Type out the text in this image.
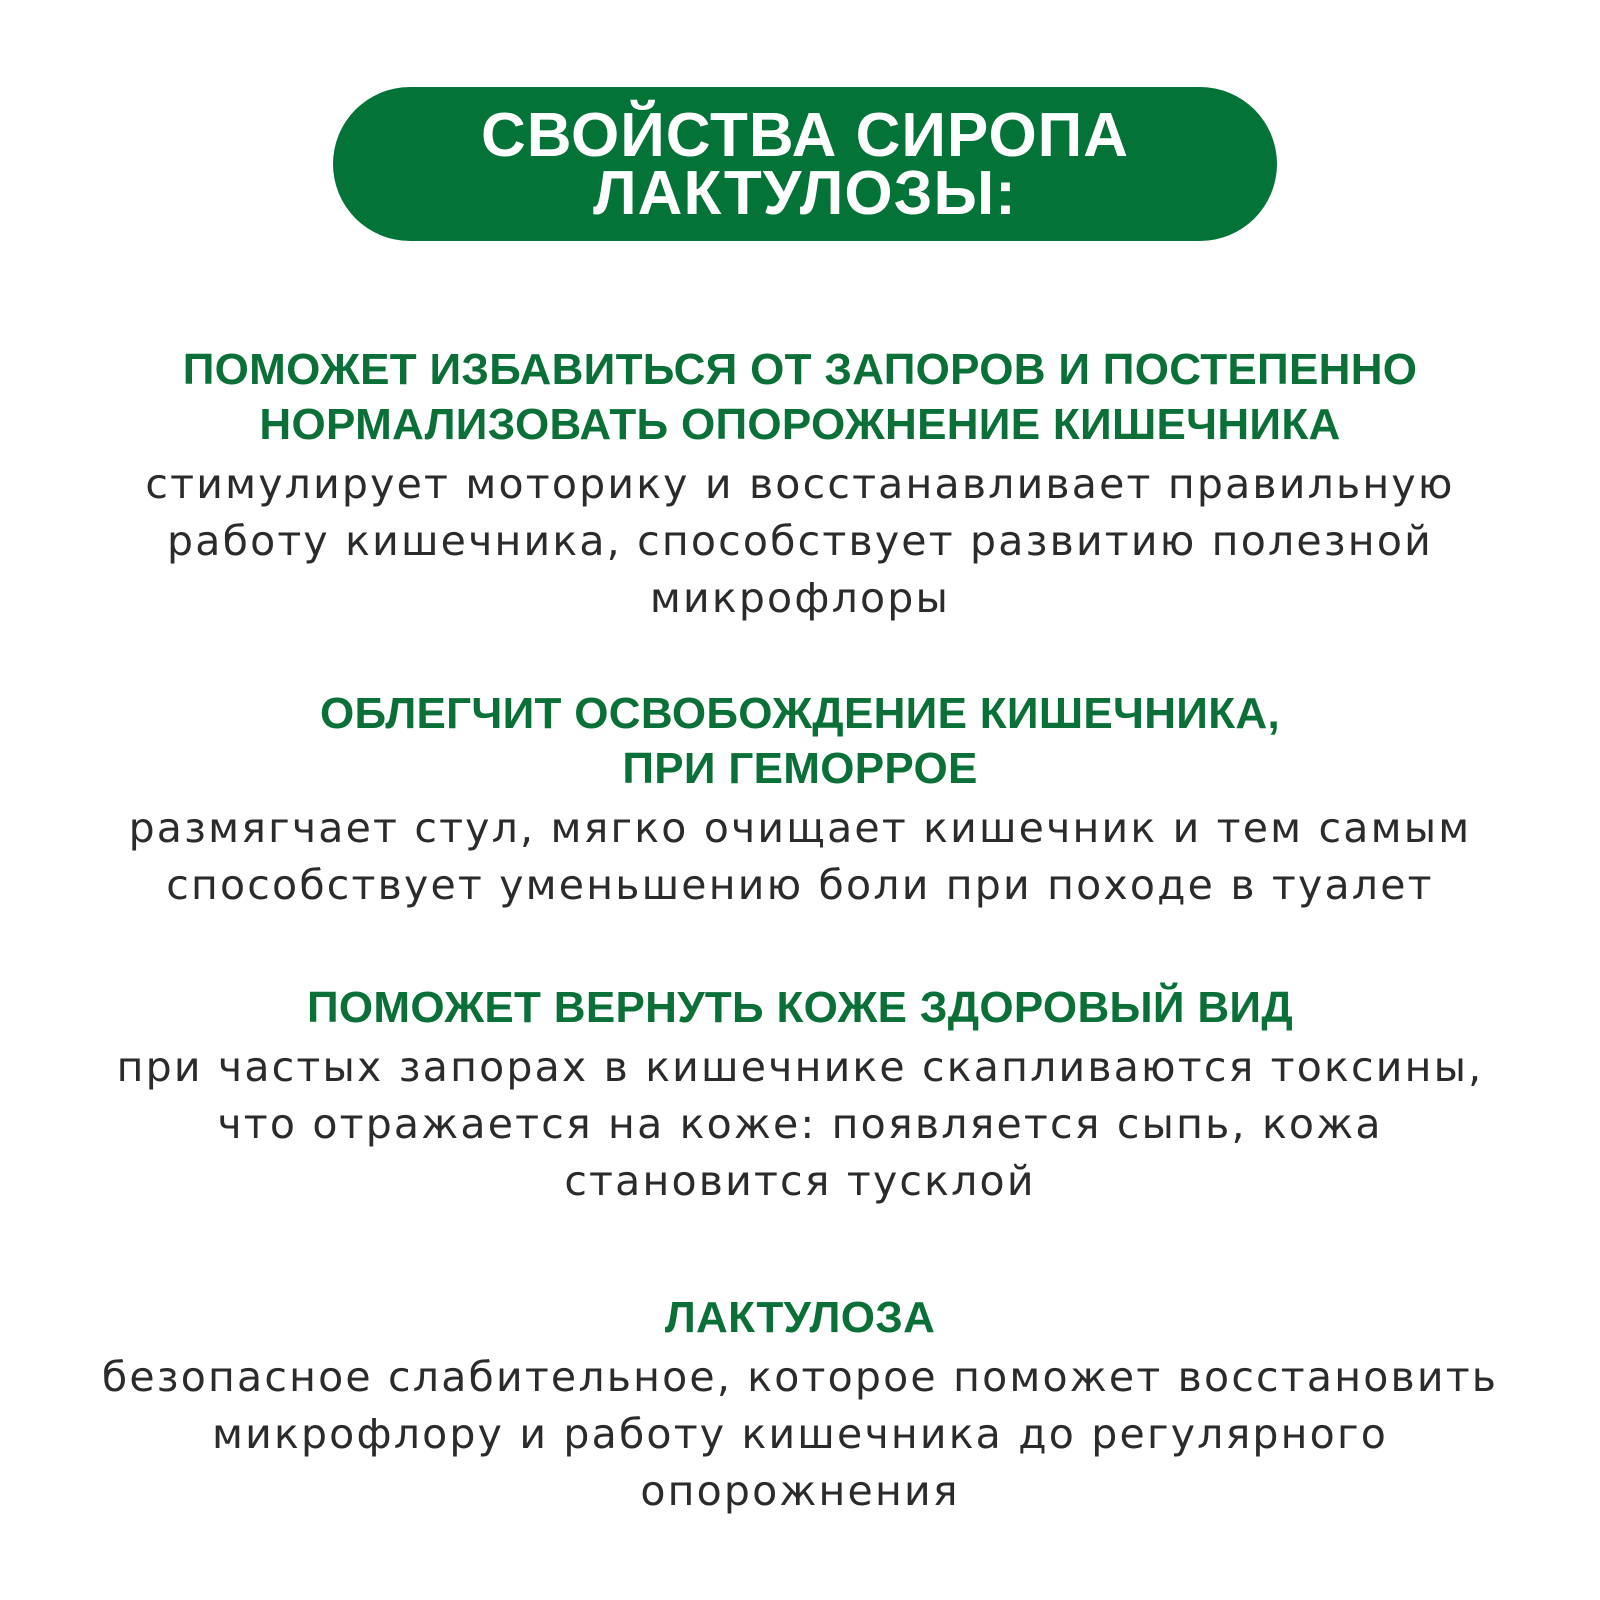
СВОЙСТВА СИРОПА
ЛАКТУЛОЗЫ:
ПОМОЖЕТ ИЗБАВИТЬСЯ ОТ ЗАПОРОВ И ПОСТЕПЕННО
НОРМАЛИЗОВАТЬ ОПОРОЖНЕНИЕ КИШЕЧНИКА
стимулирует моторику и восстанавливает правильную
работу кишечника, способствует развитию полезной
микрофлоры
ОБЛЕГЧИТ ОСВОБОЖДЕНИЕ КИШЕЧНИКА,
ПРИ ГЕМОРРОЕ
размягчает стул, мягко очищает кишечник и тем самым
способствует уменьшению боли при походе в туалет
ПОМОЖЕТ ВЕРНУТЬ КОЖЕ ЗДОРОВЫЙ ВИД
при частых запорах в кишечнике скапливаются токсины,
что отражается на коже: появляется сыпь, кожа
становится тусклой
ЛАКТУЛОЗА
безопасное слабительное, которое поможет восстановить
микрофлору и работу кишечника до регулярного
опорожнения
